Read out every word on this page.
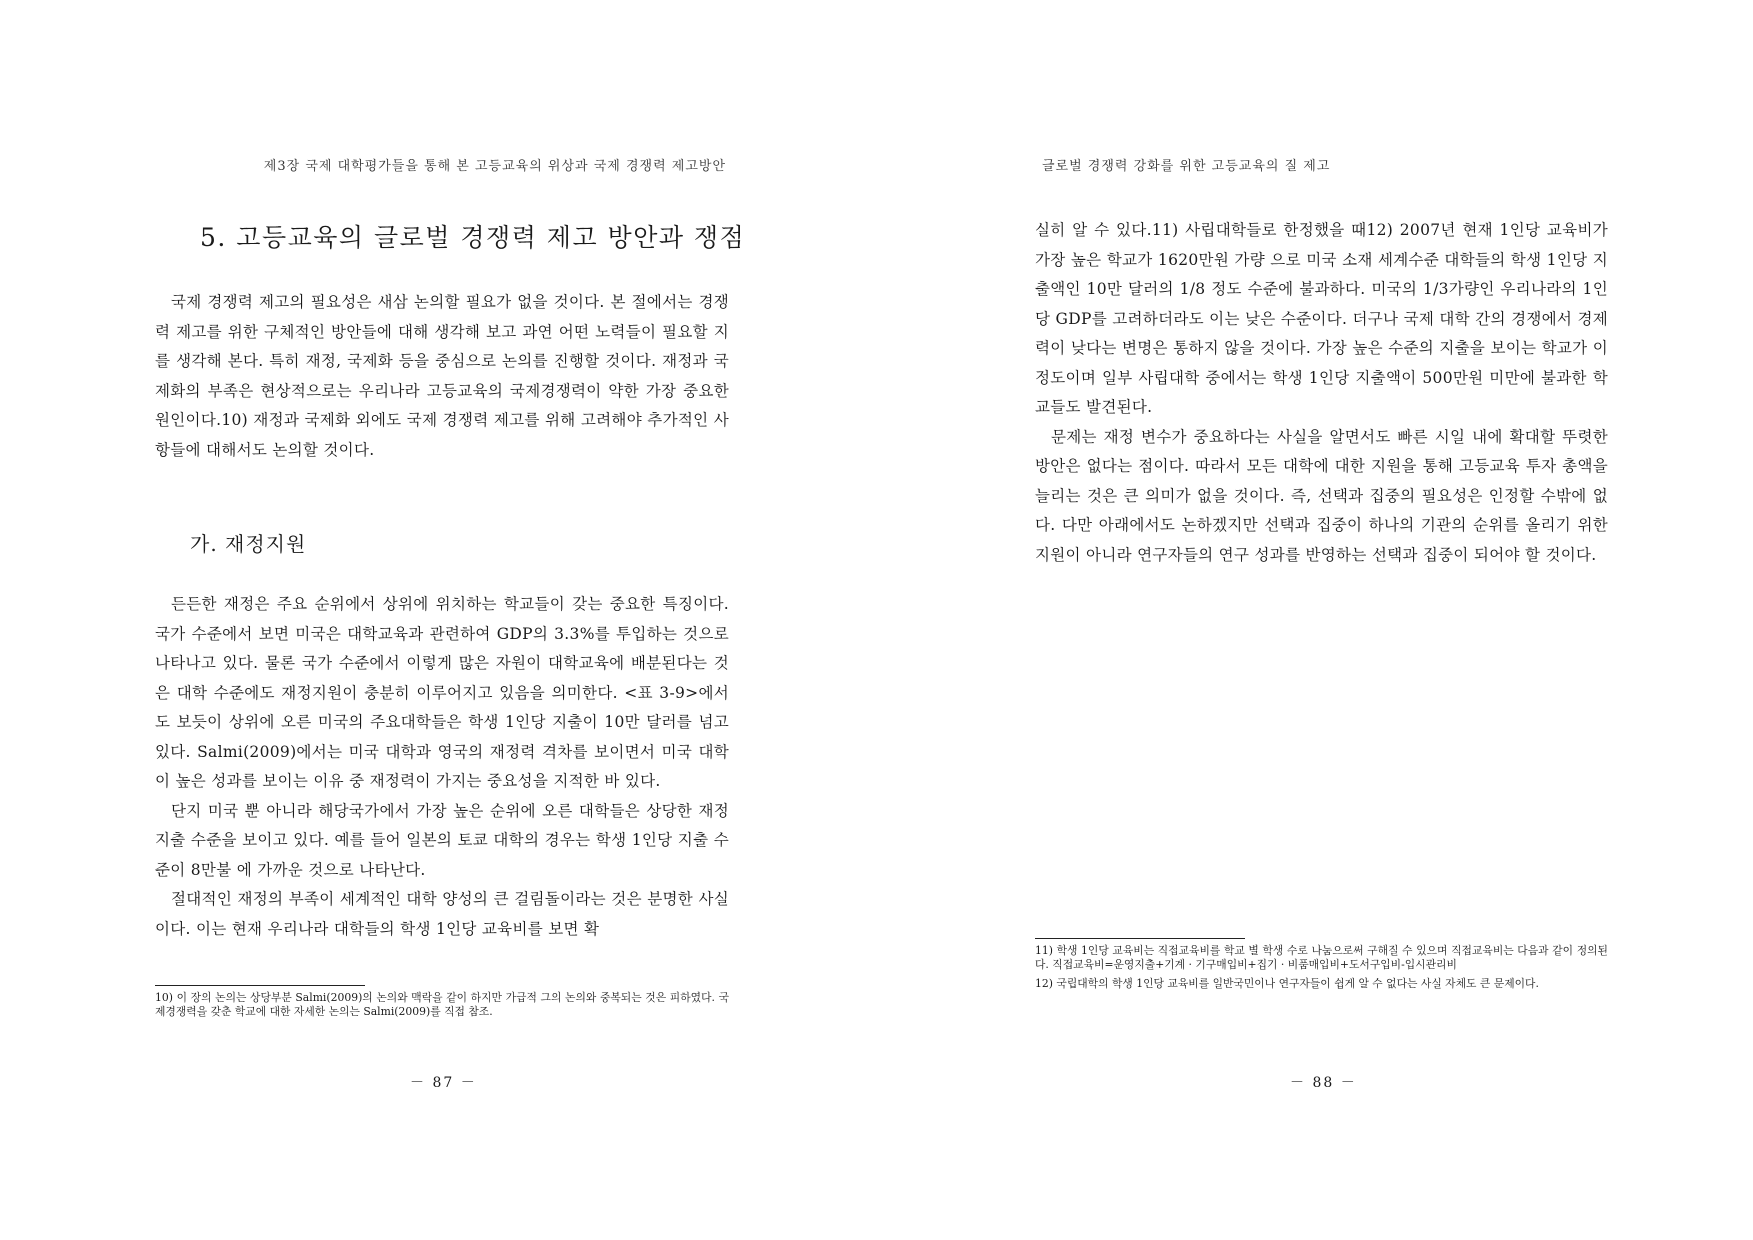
제3장 국제 대학평가들을 통해 본 고등교육의 위상과 국제 경쟁력 제고방안
5. 고등교육의 글로벌 경쟁력 제고 방안과 쟁점

국제 경쟁력 제고의 필요성은 새삼 논의할 필요가 없을 것이다. 본 절에서는 경쟁력 제고를 위한 구체적인 방안들에 대해 생각해 보고 과연 어떤 노력들이 필요할 지를 생각해 본다. 특히 재정, 국제화 등을 중심으로 논의를 진행할 것이다. 재정과 국제화의 부족은 현상적으로는 우리나라 고등교육의 국제경쟁력이 약한 가장 중요한 원인이다.10) 재정과 국제화 외에도 국제 경쟁력 제고를 위해 고려해야 추가적인 사항들에 대해서도 논의할 것이다.

가. 재정지원

든든한 재정은 주요 순위에서 상위에 위치하는 학교들이 갖는 중요한 특징이다. 국가 수준에서 보면 미국은 대학교육과 관련하여 GDP의 3.3%를 투입하는 것으로 나타나고 있다. 물론 국가 수준에서 이렇게 많은 자원이 대학교육에 배분된다는 것은 대학 수준에도 재정지원이 충분히 이루어지고 있음을 의미한다. <표 3-9>에서도 보듯이 상위에 오른 미국의 주요대학들은 학생 1인당 지출이 10만 달러를 넘고 있다. Salmi(2009)에서는 미국 대학과 영국의 재정력 격차를 보이면서 미국 대학이 높은 성과를 보이는 이유 중 재정력이 가지는 중요성을 지적한 바 있다.

단지 미국 뿐 아니라 해당국가에서 가장 높은 순위에 오른 대학들은 상당한 재정지출 수준을 보이고 있다. 예를 들어 일본의 토쿄 대학의 경우는 학생 1인당 지출 수준이 8만불 에 가까운 것으로 나타난다.

절대적인 재정의 부족이 세계적인 대학 양성의 큰 걸림돌이라는 것은 분명한 사실이다. 이는 현재 우리나라 대학들의 학생 1인당 교육비를 보면 확

10) 이 장의 논의는 상당부분 Salmi(2009)의 논의와 맥락을 같이 하지만 가급적 그의 논의와 중복되는 것은 피하였다. 국제경쟁력을 갖춘 학교에 대한 자세한 논의는 Salmi(2009)를 직접 참조.

－ 87 －
글로벌 경쟁력 강화를 위한 고등교육의 질 제고

실히 알 수 있다.11) 사립대학들로 한정했을 때12) 2007년 현재 1인당 교육비가 가장 높은 학교가 1620만원 가량 으로 미국 소재 세계수준 대학들의 학생 1인당 지출액인 10만 달러의 1/8 정도 수준에 불과하다. 미국의 1/3가량인 우리나라의 1인당 GDP를 고려하더라도 이는 낮은 수준이다. 더구나 국제 대학 간의 경쟁에서 경제력이 낮다는 변명은 통하지 않을 것이다. 가장 높은 수준의 지출을 보이는 학교가 이 정도이며 일부 사립대학 중에서는 학생 1인당 지출액이 500만원 미만에 불과한 학교들도 발견된다.

문제는 재정 변수가 중요하다는 사실을 알면서도 빠른 시일 내에 확대할 뚜렷한 방안은 없다는 점이다. 따라서 모든 대학에 대한 지원을 통해 고등교육 투자 총액을 늘리는 것은 큰 의미가 없을 것이다. 즉, 선택과 집중의 필요성은 인정할 수밖에 없다. 다만 아래에서도 논하겠지만 선택과 집중이 하나의 기관의 순위를 올리기 위한 지원이 아니라 연구자들의 연구 성과를 반영하는 선택과 집중이 되어야 할 것이다.

11) 학생 1인당 교육비는 직접교육비를 학교 별 학생 수로 나눔으로써 구해질 수 있으며 직접교육비는 다음과 같이 정의된다. 직접교육비=운영지출+기계 · 기구매입비+집기 · 비품매입비+도서구입비-입시관리비

12) 국립대학의 학생 1인당 교육비를 일반국민이나 연구자들이 쉽게 알 수 없다는 사실 자체도 큰 문제이다.

－ 88 －
